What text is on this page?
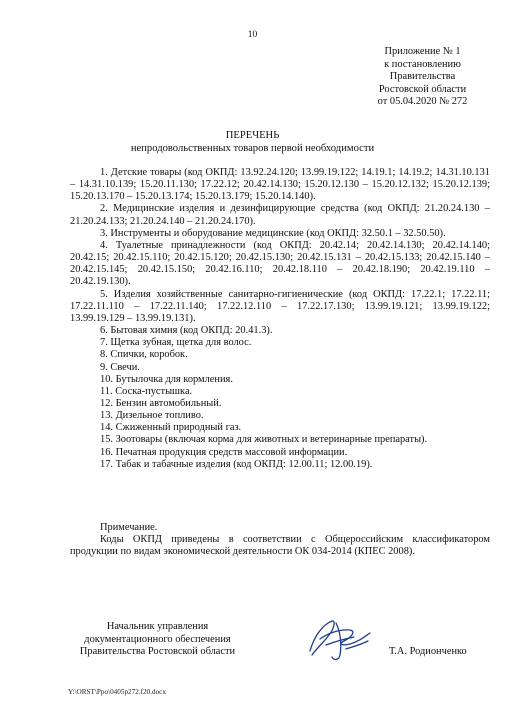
10
Приложение № 1
к постановлению
Правительства
Ростовской области
от 05.04.2020 № 272
ПЕРЕЧЕНЬ
непродовольственных товаров первой необходимости

1. Детские товары (код ОКПД: 13.92.24.120; 13.99.19.122; 14.19.1; 14.19.2; 14.31.10.131 – 14.31.10.139; 15.20.11.130; 17.22.12; 20.42.14.130; 15.20.12.130 – 15.20.12.132; 15.20.12.139; 15.20.13.170 – 15.20.13.174; 15.20.13.179; 15.20.14.140).

2. Медицинские изделия и дезинфицирующие средства (код ОКПД: 21.20.24.130 – 21.20.24.133; 21.20.24.140 – 21.20.24.170).

3. Инструменты и оборудование медицинские (код ОКПД: 32.50.1 – 32.50.50).

4. Туалетные принадлежности (код ОКПД: 20.42.14; 20.42.14.130; 20.42.14.140; 20.42.15; 20.42.15.110; 20.42.15.120; 20.42.15.130; 20.42.15.131 – 20.42.15.133; 20.42.15.140 – 20.42.15.145; 20.42.15.150; 20.42.16.110; 20.42.18.110 – 20.42.18.190; 20.42.19.110 – 20.42.19.130).

5. Изделия хозяйственные санитарно-гигиенические (код ОКПД: 17.22.1; 17.22.11; 17.22.11.110 – 17.22.11.140; 17.22.12.110 – 17.22.17.130; 13.99.19.121; 13.99.19.122; 13.99.19.129 – 13.99.19.131).

6. Бытовая химия (код ОКПД: 20.41.3).

7. Щетка зубная, щетка для волос.

8. Спички, коробок.

9. Свечи.

10. Бутылочка для кормления.

11. Соска-пустышка.

12. Бензин автомобильный.

13. Дизельное топливо.

14. Сжиженный природный газ.

15. Зоотовары (включая корма для животных и ветеринарные препараты).

16. Печатная продукция средств массовой информации.

17. Табак и табачные изделия (код ОКПД: 12.00.11; 12.00.19).

Примечание.

Коды ОКПД приведены в соответствии с Общероссийским классификатором продукции по видам экономической деятельности ОК 034-2014 (КПЕС 2008).

Начальник управления
документационного обеспечения
Правительства Ростовской области	Т.А. Родионченко
Y:\ORST\Ppo\0405p272.f20.docx
